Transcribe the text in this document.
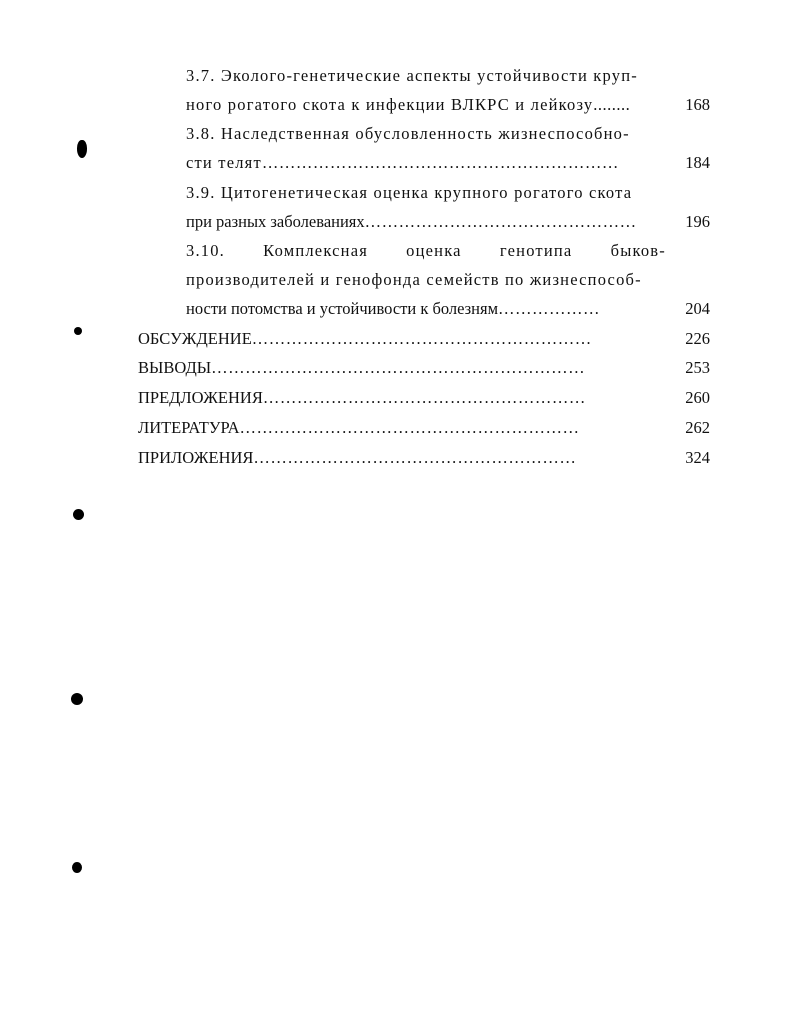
3.7. Эколого-генетические аспекты устойчивости круп-
ного рогатого скота к инфекции ВЛКРС и лейкозу ........	168
3.8. Наследственная обусловленность жизнеспособно-
сти телят ………………………………………………………	184
3.9. Цитогенетическая оценка крупного рогатого скота
при разных заболеваниях …………………………………………	196
3.10. Комплексная оценка генотипа быков-
производителей и генофонда семейств по жизнеспособ-
ности потомства и устойчивости к болезням ………………	204
ОБСУЖДЕНИЕ ……………………………………………………	226
ВЫВОДЫ …………………………………………………………	253
ПРЕДЛОЖЕНИЯ …………………………………………………	260
ЛИТЕРАТУРА ……………………………………………………	262
ПРИЛОЖЕНИЯ …………………………………………………	324
